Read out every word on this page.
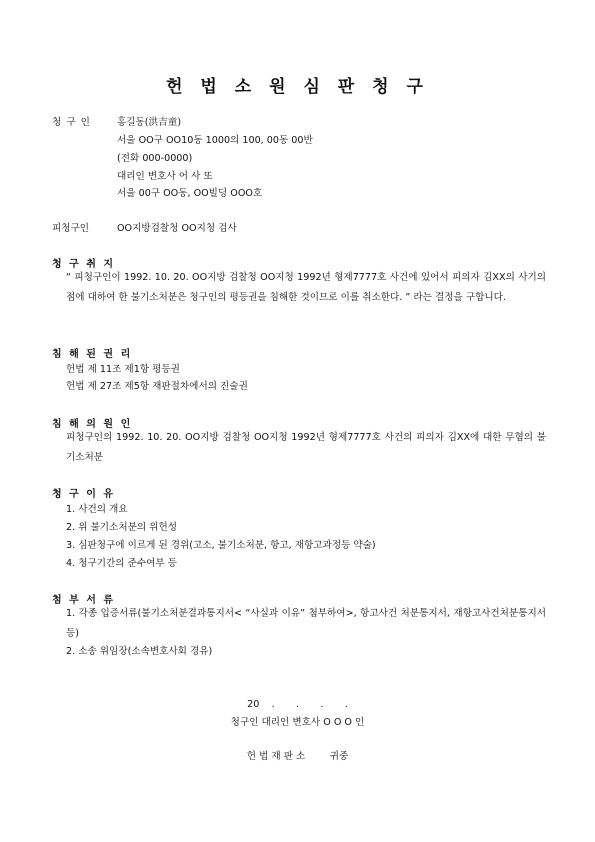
헌 법 소 원 심 판 청 구
청 구 인	홍길동(洪吉童)
서울 OO구 OO10동 1000의 100, 00동 00반
(전화 000-0000)
대리인 변호사 어 사 또
서울 00구 OO동, OO빌딩 OOO호
피청구인	OO지방검찰청 OO지청 검사
청 구 취 지
“ 피청구인이 1992. 10. 20. OO지방 검찰청 OO지청 1992년 형제7777호 사건에 있어서 피의자 김XX의 사기의 점에 대하여 한 불기소처분은 청구인의 평등권을 침해한 것이므로 이를 취소한다. ” 라는 결정을 구합니다.
침 해 된 권 리
헌법 제 11조 제1항 평등권
헌법 제 27조 제5항 재판절차에서의 진술권
침 해 의 원 인
피청구인의 1992. 10. 20. OO지방 검찰청 OO지청 1992년 형제7777호 사건의 피의자 김XX에 대한 무혐의 불기소처분
청 구 이 유
1. 사건의 개요
2. 위 불기소처분의 위헌성
3. 심판청구에 이르게 된 경위(고소, 불기소처분, 항고, 재항고과정등 약술)
4. 청구기간의 준수여부 등
첨 부 서 류
1. 각종 입증서류(불기소처분결과통지서< “사실과 이유” 첨부하여>, 항고사건 처분통지서, 재항고사건처분통지서 등)
2. 소송 위임장(소속변호사회 경유)
20    .       .       .       .
청구인 대리인 변호사 O O O 인
헌 법 재 판 소        귀중
